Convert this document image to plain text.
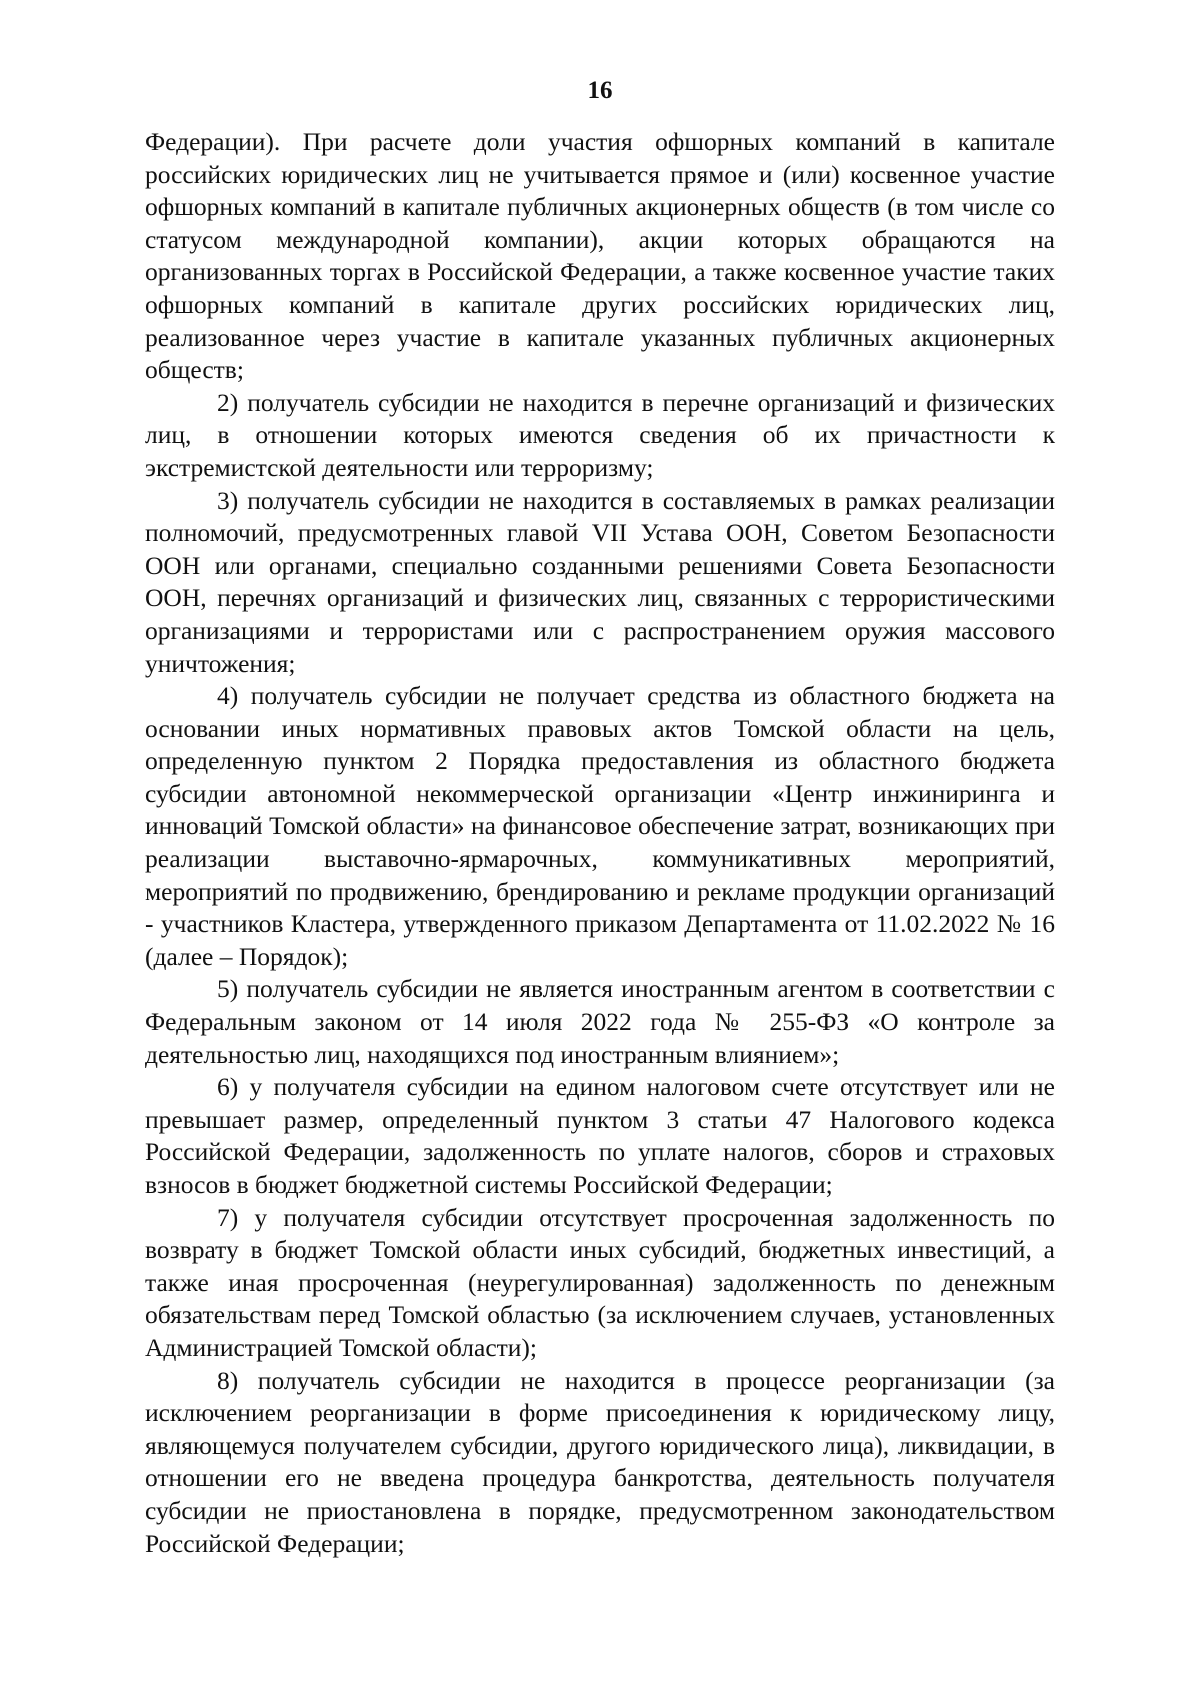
16

Федерации). При расчете доли участия офшорных компаний в капитале российских юридических лиц не учитывается прямое и (или) косвенное участие офшорных компаний в капитале публичных акционерных обществ (в том числе со статусом международной компании), акции которых обращаются на организованных торгах в Российской Федерации, а также косвенное участие таких офшорных компаний в капитале других российских юридических лиц, реализованное через участие в капитале указанных публичных акционерных обществ;

2) получатель субсидии не находится в перечне организаций и физических лиц, в отношении которых имеются сведения об их причастности к экстремистской деятельности или терроризму;

3) получатель субсидии не находится в составляемых в рамках реализации полномочий, предусмотренных главой VII Устава ООН, Советом Безопасности ООН или органами, специально созданными решениями Совета Безопасности ООН, перечнях организаций и физических лиц, связанных с террористическими организациями и террористами или с распространением оружия массового уничтожения;

4) получатель субсидии не получает средства из областного бюджета на основании иных нормативных правовых актов Томской области на цель, определенную пунктом 2 Порядка предоставления из областного бюджета субсидии автономной некоммерческой организации «Центр инжиниринга и инноваций Томской области» на финансовое обеспечение затрат, возникающих при реализации выставочно-ярмарочных, коммуникативных мероприятий, мероприятий по продвижению, брендированию и рекламе продукции организаций - участников Кластера, утвержденного приказом Департамента от 11.02.2022 № 16 (далее – Порядок);

5) получатель субсидии не является иностранным агентом в соответствии с Федеральным законом от 14 июля 2022 года № 255-ФЗ «О контроле за деятельностью лиц, находящихся под иностранным влиянием»;

6) у получателя субсидии на едином налоговом счете отсутствует или не превышает размер, определенный пунктом 3 статьи 47 Налогового кодекса Российской Федерации, задолженность по уплате налогов, сборов и страховых взносов в бюджет бюджетной системы Российской Федерации;

7) у получателя субсидии отсутствует просроченная задолженность по возврату в бюджет Томской области иных субсидий, бюджетных инвестиций, а также иная просроченная (неурегулированная) задолженность по денежным обязательствам перед Томской областью (за исключением случаев, установленных Администрацией Томской области);

8) получатель субсидии не находится в процессе реорганизации (за исключением реорганизации в форме присоединения к юридическому лицу, являющемуся получателем субсидии, другого юридического лица), ликвидации, в отношении его не введена процедура банкротства, деятельность получателя субсидии не приостановлена в порядке, предусмотренном законодательством Российской Федерации;
